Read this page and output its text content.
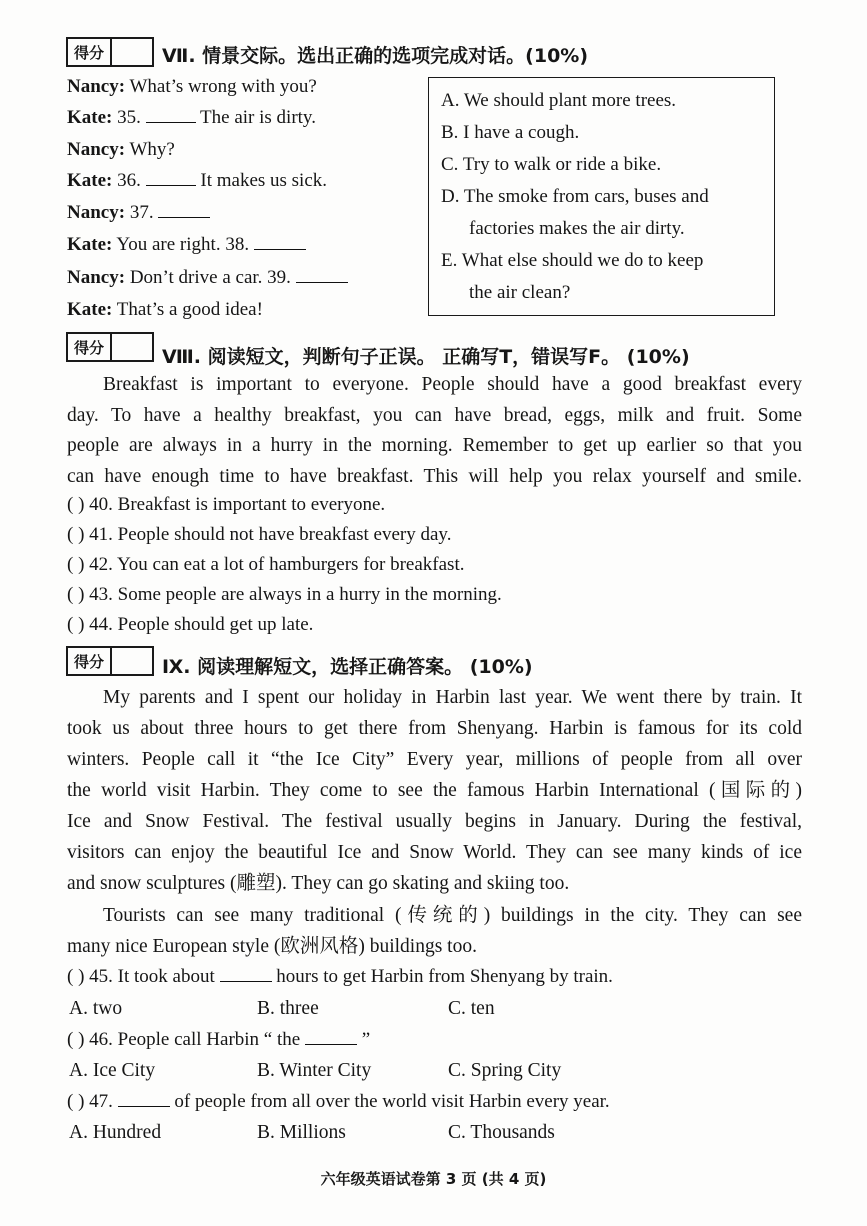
得分	Ⅶ. 情景交际。选出正确的选项完成对话。(10%)
Nancy: What’s wrong with you?
Kate: 35.	The air is dirty.
Nancy: Why?
Kate: 36.	It makes us sick.
Nancy: 37.
Kate: You are right. 38.
Nancy: Don’t drive a car. 39.
Kate: That’s a good idea!
A. We should plant more trees.
B. I have a cough.
C. Try to walk or ride a bike.
D. The smoke from cars, buses and
factories makes the air dirty.
E. What else should we do to keep
the air clean?
得分	Ⅷ. 阅读短文，判断句子正误。 正确写T，错误写F。 (10%)
Breakfast is important to everyone. People should have a good breakfast every
day. To have a healthy breakfast, you can have bread, eggs, milk and fruit. Some
people are always in a hurry in the morning. Remember to get up earlier so that you
can have enough time to have breakfast. This will help you relax yourself and smile.
( ) 40. Breakfast is important to everyone.
( ) 41. People should not have breakfast every day.
( ) 42. You can eat a lot of hamburgers for breakfast.
( ) 43. Some people are always in a hurry in the morning.
( ) 44. People should get up late.
得分	Ⅸ. 阅读理解短文，选择正确答案。 (10%)
My parents and I spent our holiday in Harbin last year. We went there by train. It
took us about three hours to get there from Shenyang. Harbin is famous for its cold
winters. People call it “the Ice City” Every year, millions of people from all over
the world visit Harbin. They come to see the famous Harbin International (国际的)
Ice and Snow Festival. The festival usually begins in January. During the festival,
visitors can enjoy the beautiful Ice and Snow World. They can see many kinds of ice
and snow sculptures (雕塑). They can go skating and skiing too.
Tourists can see many traditional (传统的) buildings in the city. They can see
many nice European style (欧洲风格) buildings too.
( ) 45. It took about	hours to get Harbin from Shenyang by train.
A. two	B. three	C. ten
( ) 46. People call Harbin “ the	”
A. Ice City	B. Winter City	C. Spring City
( ) 47.	of people from all over the world visit Harbin every year.
A. Hundred	B. Millions	C. Thousands
六年级英语试卷第 3 页 (共 4 页)
